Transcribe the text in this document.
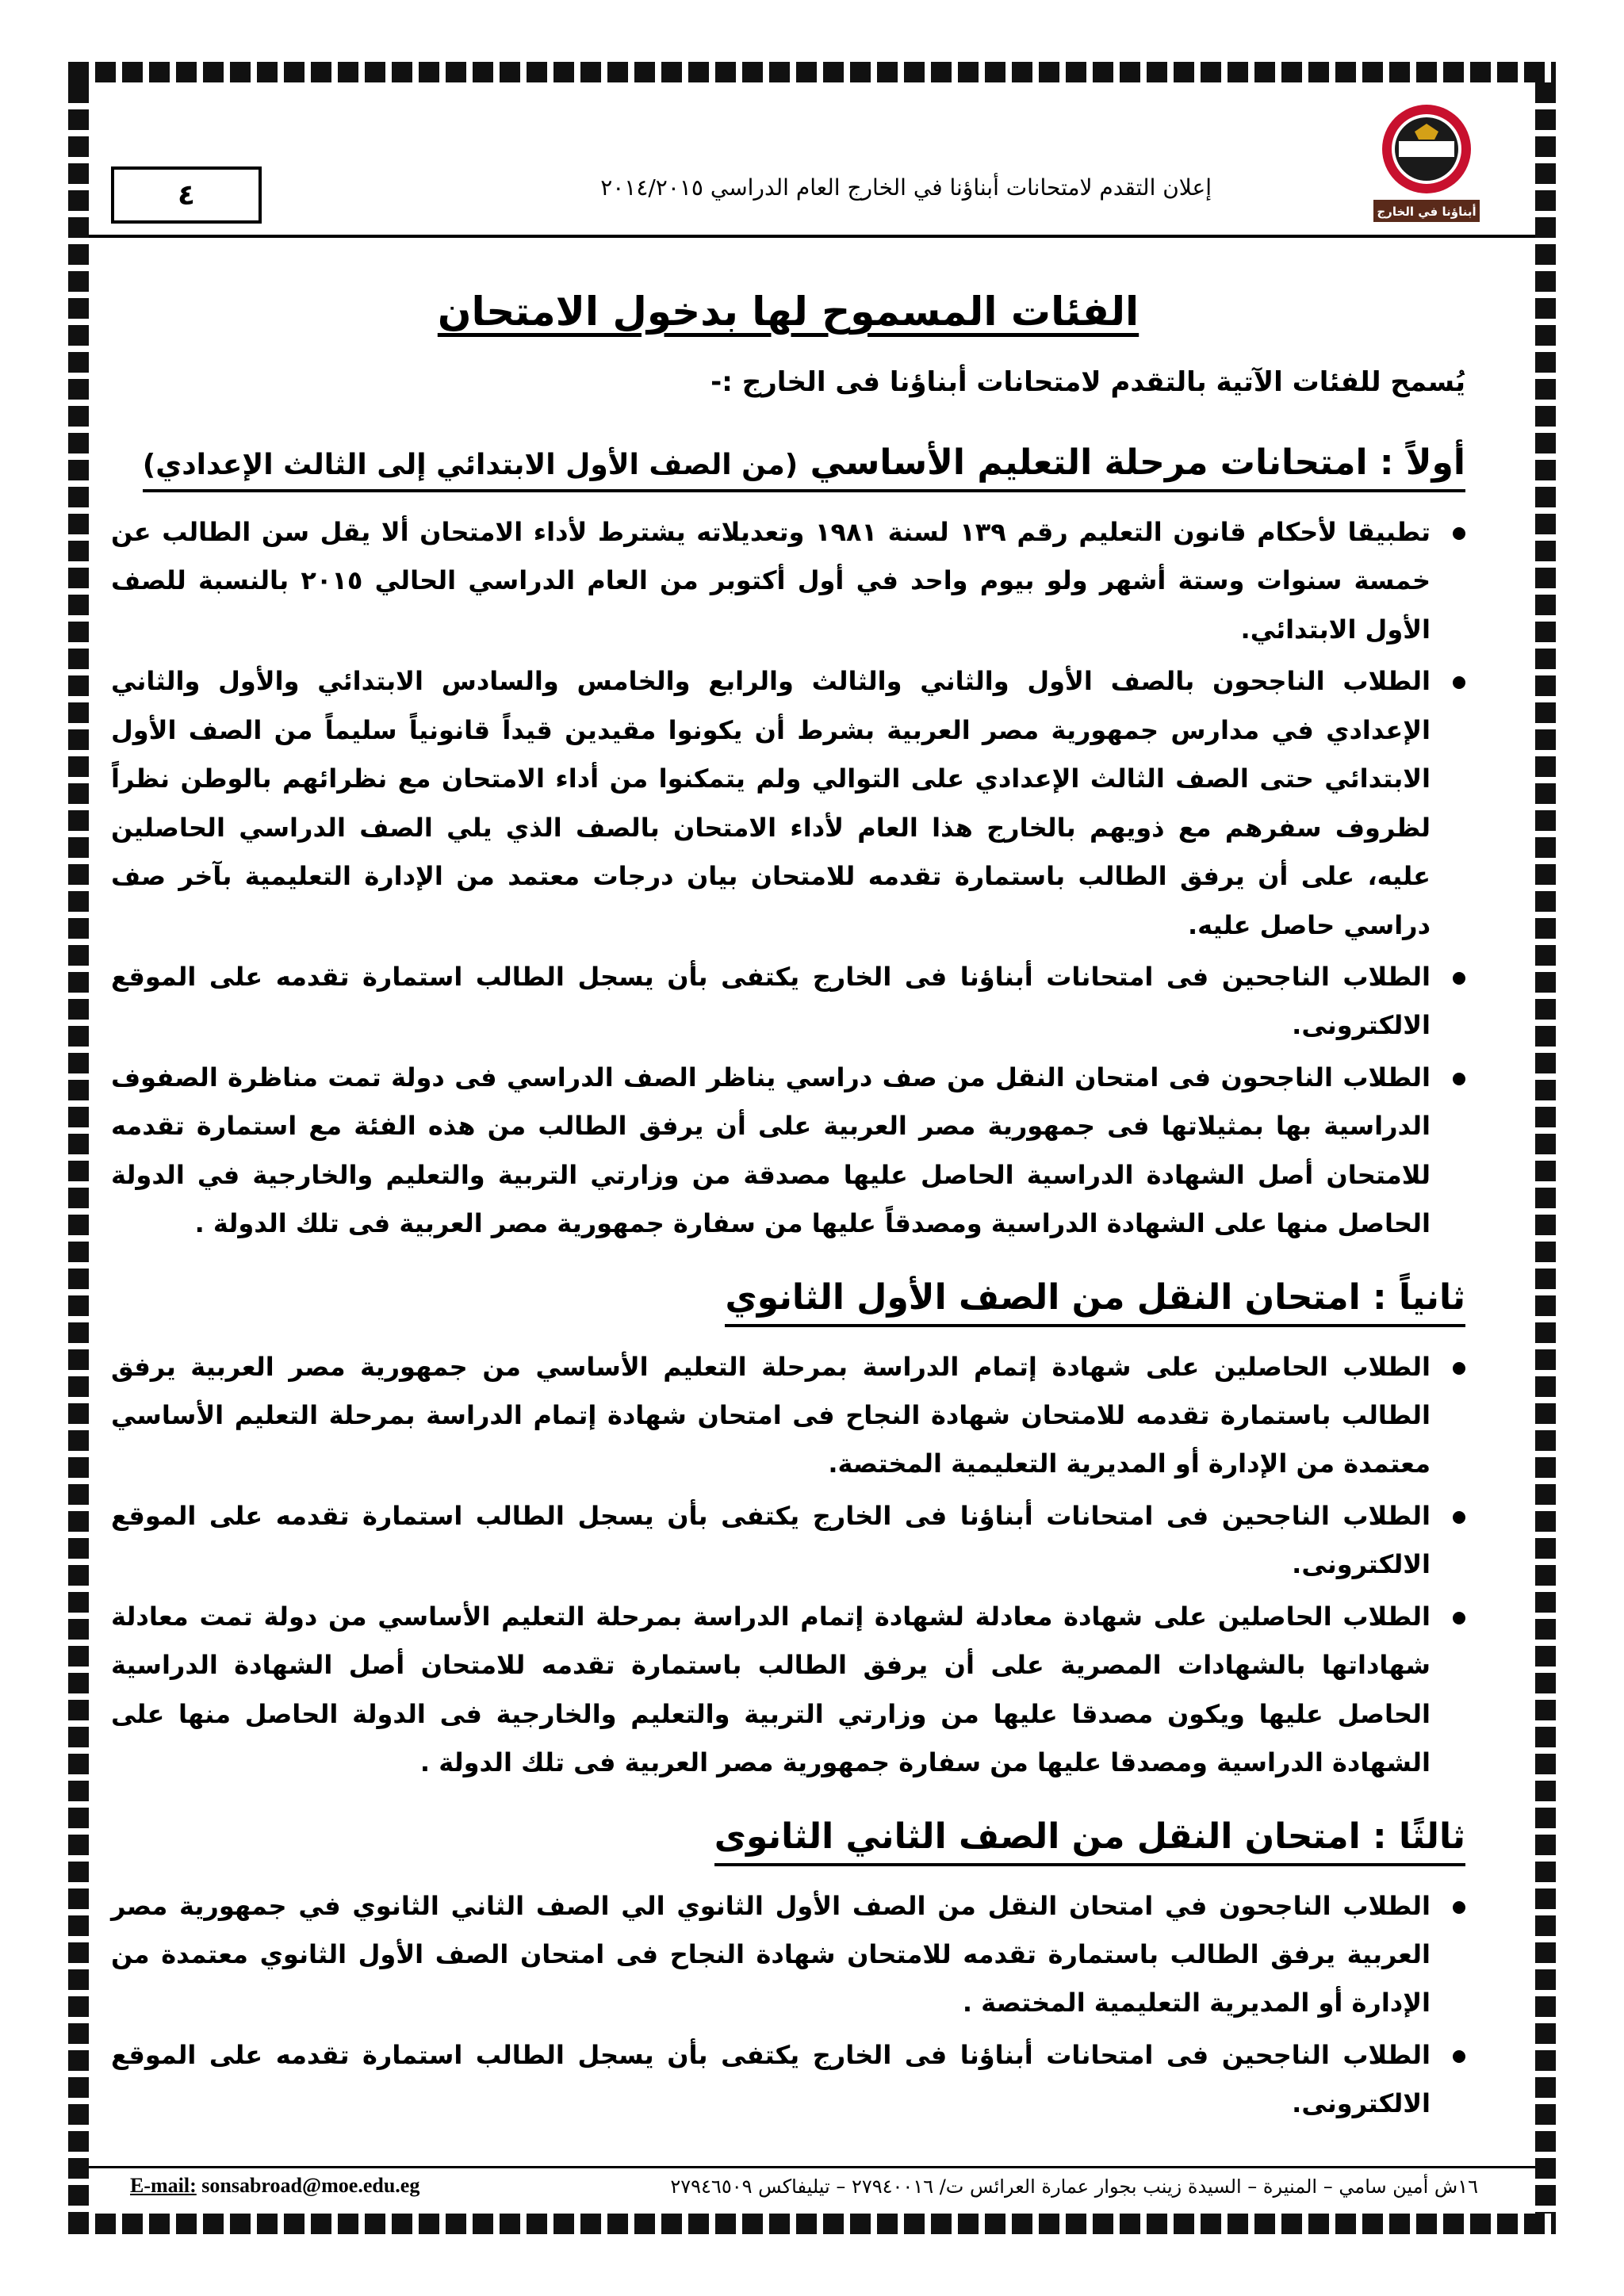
أبناؤنا في الخارج
إعلان التقدم لامتحانات أبناؤنا في الخارج العام الدراسي ٢٠١٤/٢٠١٥
٤
الفئات المسموح لها بدخول الامتحان
يُسمح للفئات الآتية بالتقدم لامتحانات أبناؤنا فى الخارج :-
أولاً : امتحانات مرحلة التعليم الأساسي (من الصف الأول الابتدائي إلى الثالث الإعدادي)
تطبيقا لأحكام قانون التعليم رقم ١٣٩ لسنة ١٩٨١ وتعديلاته يشترط لأداء الامتحان ألا يقل سن الطالب عن خمسة سنوات وستة أشهر ولو بيوم واحد في أول أكتوبر من العام الدراسي الحالي ٢٠١٥ بالنسبة للصف الأول الابتدائي.
الطلاب الناجحون بالصف الأول والثاني والثالث والرابع والخامس والسادس الابتدائي والأول والثاني الإعدادي في مدارس جمهورية مصر العربية بشرط أن يكونوا مقيدين قيداً قانونياً سليماً من الصف الأول الابتدائي حتى الصف الثالث الإعدادي على التوالي ولم يتمكنوا من أداء الامتحان مع نظرائهم بالوطن نظراً لظروف سفرهم مع ذويهم بالخارج هذا العام لأداء الامتحان بالصف الذي يلي الصف الدراسي الحاصلين عليه، على أن يرفق الطالب باستمارة تقدمه للامتحان بيان درجات معتمد من الإدارة التعليمية بآخر صف دراسي حاصل عليه.
الطلاب الناجحين فى امتحانات أبناؤنا فى الخارج يكتفى بأن يسجل الطالب استمارة تقدمه على الموقع الالكترونى.
الطلاب الناجحون فى امتحان النقل من صف دراسي يناظر الصف الدراسي فى دولة تمت مناظرة الصفوف الدراسية بها بمثيلاتها فى جمهورية مصر العربية على أن يرفق الطالب من هذه الفئة مع استمارة تقدمه للامتحان أصل الشهادة الدراسية الحاصل عليها مصدقة من وزارتي التربية والتعليم والخارجية في الدولة الحاصل منها على الشهادة الدراسية ومصدقاً عليها من سفارة جمهورية مصر العربية فى تلك الدولة .
ثانياً : امتحان النقل من الصف الأول الثانوي
الطلاب الحاصلين على شهادة إتمام الدراسة بمرحلة التعليم الأساسي من جمهورية مصر العربية يرفق الطالب باستمارة تقدمه للامتحان شهادة النجاح فى امتحان شهادة إتمام الدراسة بمرحلة التعليم الأساسي معتمدة من الإدارة أو المديرية التعليمية المختصة.
الطلاب الناجحين فى امتحانات أبناؤنا فى الخارج يكتفى بأن يسجل الطالب استمارة تقدمه على الموقع الالكترونى.
الطلاب الحاصلين على شهادة معادلة لشهادة إتمام الدراسة بمرحلة التعليم الأساسي من دولة تمت معادلة شهاداتها بالشهادات المصرية على أن يرفق الطالب باستمارة تقدمه للامتحان أصل الشهادة الدراسية الحاصل عليها ويكون مصدقا عليها من وزارتي التربية والتعليم والخارجية فى الدولة الحاصل منها على الشهادة الدراسية ومصدقا عليها من سفارة جمهورية مصر العربية فى تلك الدولة .
ثالثًا : امتحان النقل من الصف الثاني الثانوى
الطلاب الناجحون في امتحان النقل من الصف الأول الثانوي الي الصف الثاني الثانوي في جمهورية مصر العربية يرفق الطالب باستمارة تقدمه للامتحان شهادة النجاح فى امتحان الصف الأول الثانوي معتمدة من الإدارة أو المديرية التعليمية المختصة .
الطلاب الناجحين فى امتحانات أبناؤنا فى الخارج يكتفى بأن يسجل الطالب استمارة تقدمه على الموقع الالكترونى.
١٦ش أمين سامي – المنيرة – السيدة زينب بجوار عمارة العرائس ت/ ٢٧٩٤٠٠١٦ – تيليفاكس ٢٧٩٤٦٥٠٩
E-mail: sonsabroad@moe.edu.eg
